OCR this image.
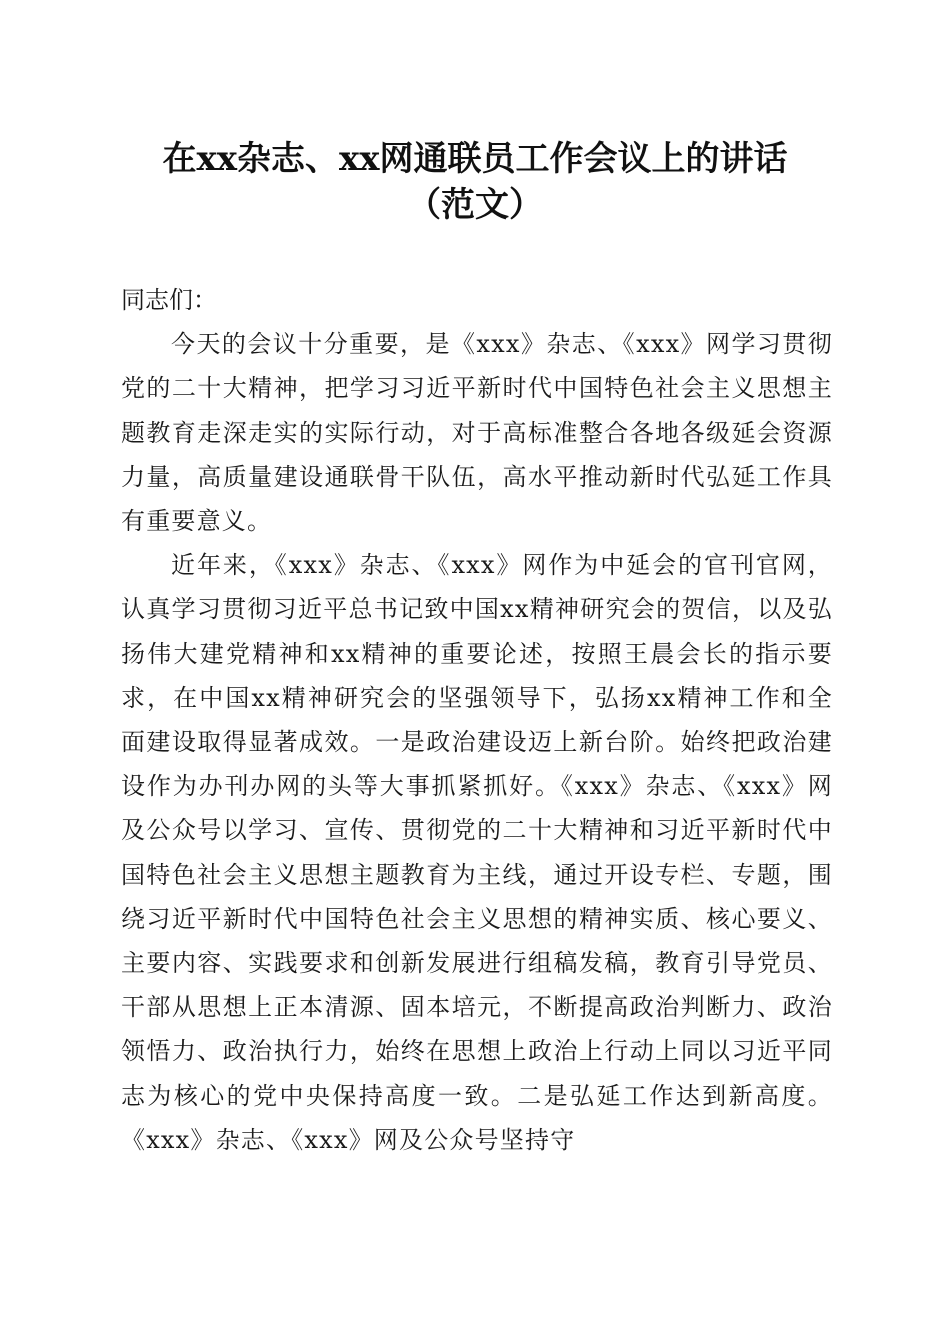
在xx杂志、xx网通联员工作会议上的讲话
（范文）

同志们：

今天的会议十分重要，是《xxx》杂志、《xxx》网学习贯彻党的二十大精神，把学习习近平新时代中国特色社会主义思想主题教育走深走实的实际行动，对于高标准整合各地各级延会资源力量，高质量建设通联骨干队伍，高水平推动新时代弘延工作具有重要意义。

近年来，《xxx》杂志、《xxx》网作为中延会的官刊官网，认真学习贯彻习近平总书记致中国xx精神研究会的贺信，以及弘扬伟大建党精神和xx精神的重要论述，按照王晨会长的指示要求，在中国xx精神研究会的坚强领导下，弘扬xx精神工作和全面建设取得显著成效。一是政治建设迈上新台阶。始终把政治建设作为办刊办网的头等大事抓紧抓好。《xxx》杂志、《xxx》网及公众号以学习、宣传、贯彻党的二十大精神和习近平新时代中国特色社会主义思想主题教育为主线，通过开设专栏、专题，围绕习近平新时代中国特色社会主义思想的精神实质、核心要义、主要内容、实践要求和创新发展进行组稿发稿，教育引导党员、干部从思想上正本清源、固本培元，不断提高政治判断力、政治领悟力、政治执行力，始终在思想上政治上行动上同以习近平同志为核心的党中央保持高度一致。二是弘延工作达到新高度。《xxx》杂志、《xxx》网及公众号坚持守
